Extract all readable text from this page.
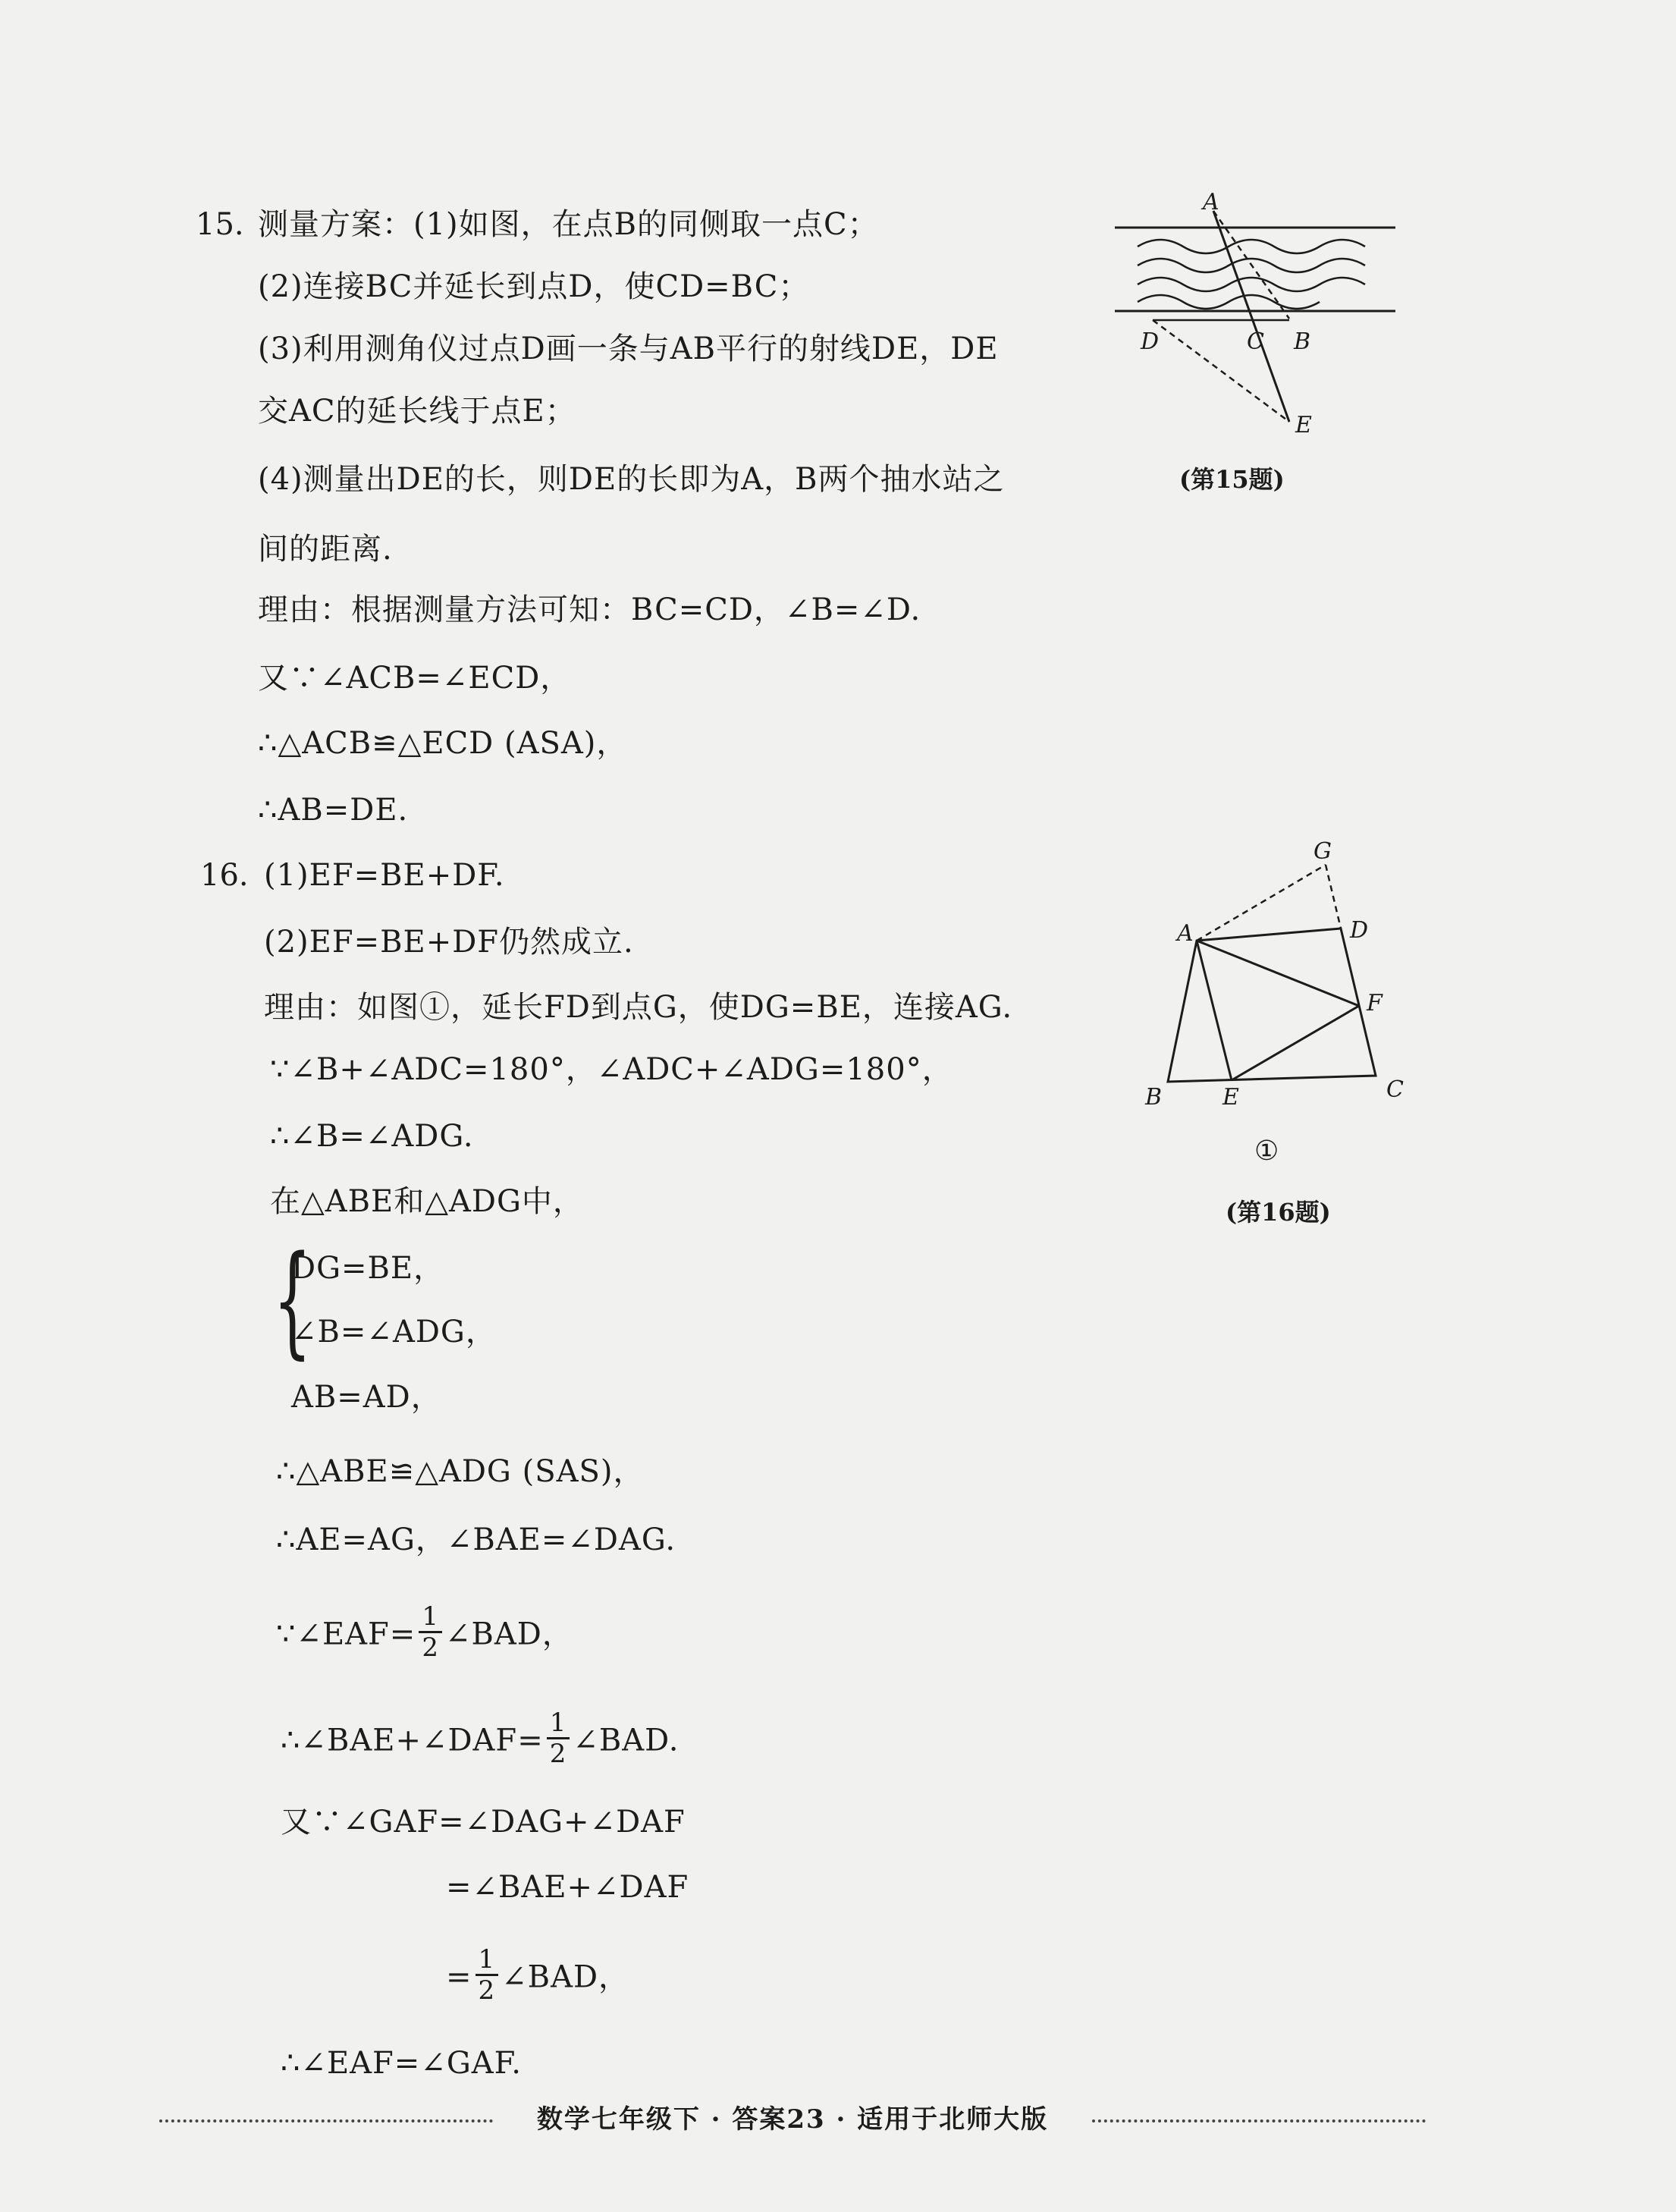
15. 测量方案：(1)如图，在点B的同侧取一点C；
(2)连接BC并延长到点D，使CD=BC；
(3)利用测角仪过点D画一条与AB平行的射线DE，DE
交AC的延长线于点E；
(4)测量出DE的长，则DE的长即为A，B两个抽水站之
间的距离.
理由：根据测量方法可知：BC=CD，∠B=∠D.
又∵∠ACB=∠ECD，
∴△ACB≌△ECD (ASA)，
∴AB=DE.
A
B
C
D
E
(第15题)
16. (1)EF=BE+DF.
(2)EF=BE+DF仍然成立.
理由：如图①，延长FD到点G，使DG=BE，连接AG.
∵∠B+∠ADC=180°，∠ADC+∠ADG=180°，
∴∠B=∠ADG.
在△ABE和△ADG中，
{
DG=BE，
∠B=∠ADG，
AB=AD，
∴△ABE≌△ADG (SAS)，
∴AE=AG，∠BAE=∠DAG.
∵∠EAF= $\frac{1}{2}$ ∠BAD，
∴∠BAE+∠DAF= $\frac{1}{2}$ ∠BAD.
又∵∠GAF=∠DAG+∠DAF
=∠BAE+∠DAF
= $\frac{1}{2}$ ∠BAD，
∴∠EAF=∠GAF.
G
A	D
F
B	E	C
①
(第16题)
数学七年级下 · 答案23 · 适用于北师大版
